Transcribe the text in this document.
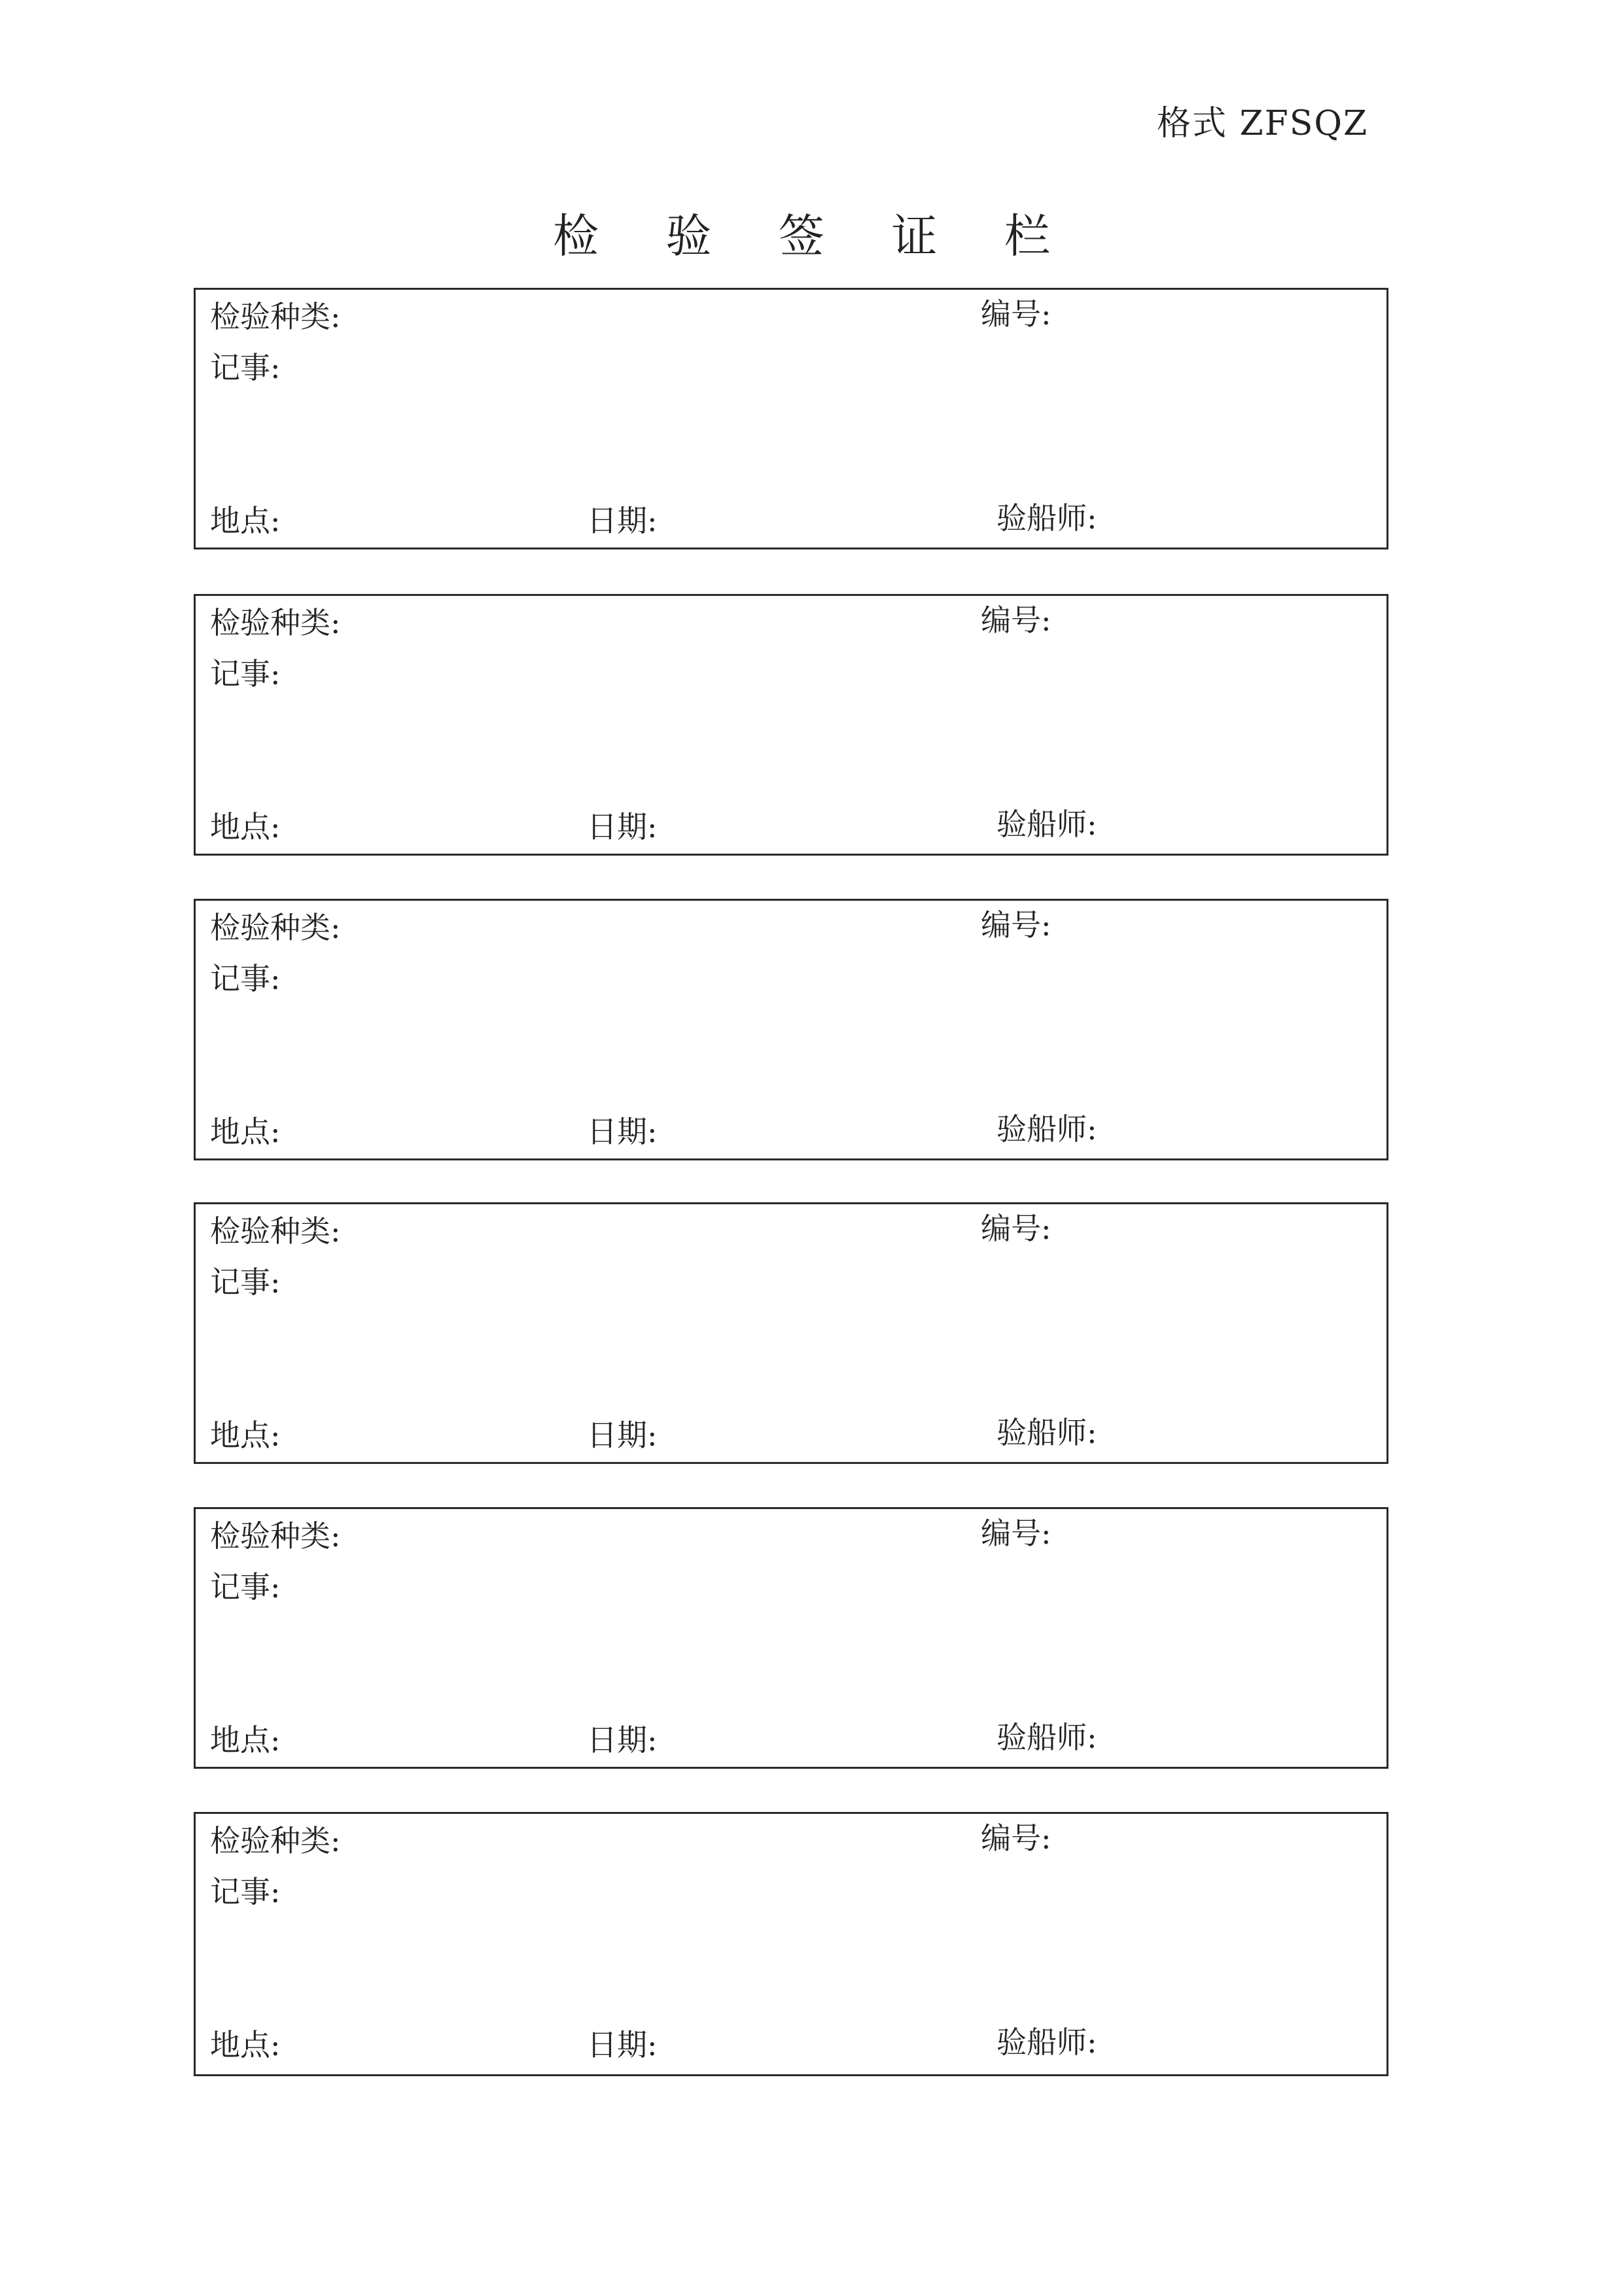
格式 ZFSQZ
检 验 签 证 栏
检验种类:	编号:
记事:
地点:	日期:	验船师:
检验种类:	编号:
记事:
地点:	日期:	验船师:
检验种类:	编号:
记事:
地点:	日期:	验船师:
检验种类:	编号:
记事:
地点:	日期:	验船师:
检验种类:	编号:
记事:
地点:	日期:	验船师:
检验种类:	编号:
记事:
地点:	日期:	验船师:
